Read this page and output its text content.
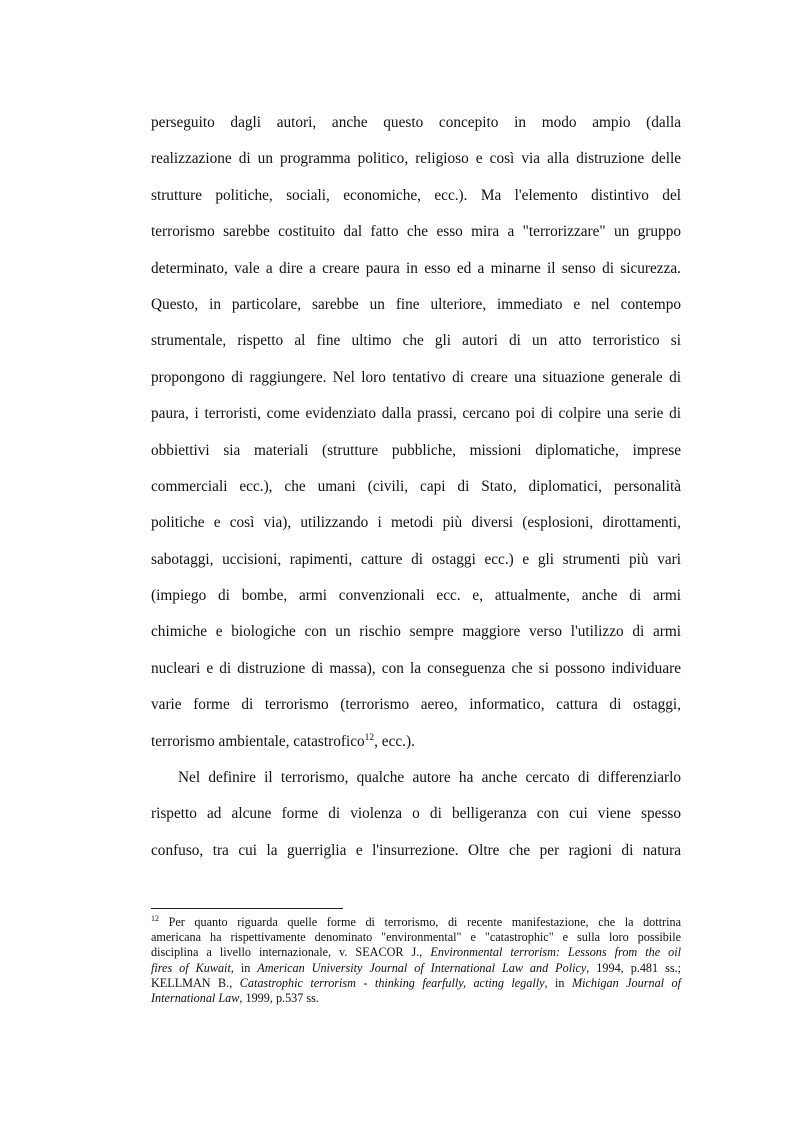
perseguito dagli autori, anche questo concepito in modo ampio (dalla
realizzazione di un programma politico, religioso e così via alla distruzione delle
strutture politiche, sociali, economiche, ecc.). Ma l'elemento distintivo del
terrorismo sarebbe costituito dal fatto che esso mira a "terrorizzare" un gruppo
determinato, vale a dire a creare paura in esso ed a minarne il senso di sicurezza.
Questo, in particolare, sarebbe un fine ulteriore, immediato e nel contempo
strumentale, rispetto al fine ultimo che gli autori di un atto terroristico si
propongono di raggiungere. Nel loro tentativo di creare una situazione generale di
paura, i terroristi, come evidenziato dalla prassi, cercano poi di colpire una serie di
obbiettivi sia materiali (strutture pubbliche, missioni diplomatiche, imprese
commerciali ecc.), che umani (civili, capi di Stato, diplomatici, personalità
politiche e così via), utilizzando i metodi più diversi (esplosioni, dirottamenti,
sabotaggi, uccisioni, rapimenti, catture di ostaggi ecc.) e gli strumenti più vari
(impiego di bombe, armi convenzionali ecc. e, attualmente, anche di armi
chimiche e biologiche con un rischio sempre maggiore verso l'utilizzo di armi
nucleari e di distruzione di massa), con la conseguenza che si possono individuare
varie forme di terrorismo (terrorismo aereo, informatico, cattura di ostaggi,
terrorismo ambientale, catastrofico$^{12}$, ecc.).
Nel definire il terrorismo, qualche autore ha anche cercato di differenziarlo
rispetto ad alcune forme di violenza o di belligeranza con cui viene spesso
confuso, tra cui la guerriglia e l'insurrezione. Oltre che per ragioni di natura
$^{12}$ Per quanto riguarda quelle forme di terrorismo, di recente manifestazione, che la dottrina
americana ha rispettivamente denominato "environmental" e "catastrophic" e sulla loro possibile
disciplina a livello internazionale, v. SEACOR J., Environmental terrorism: Lessons from the oil
fires of Kuwait, in American University Journal of International Law and Policy, 1994, p.481 ss.;
KELLMAN B., Catastrophic terrorism - thinking fearfully, acting legally, in Michigan Journal of
International Law, 1999, p.537 ss.
